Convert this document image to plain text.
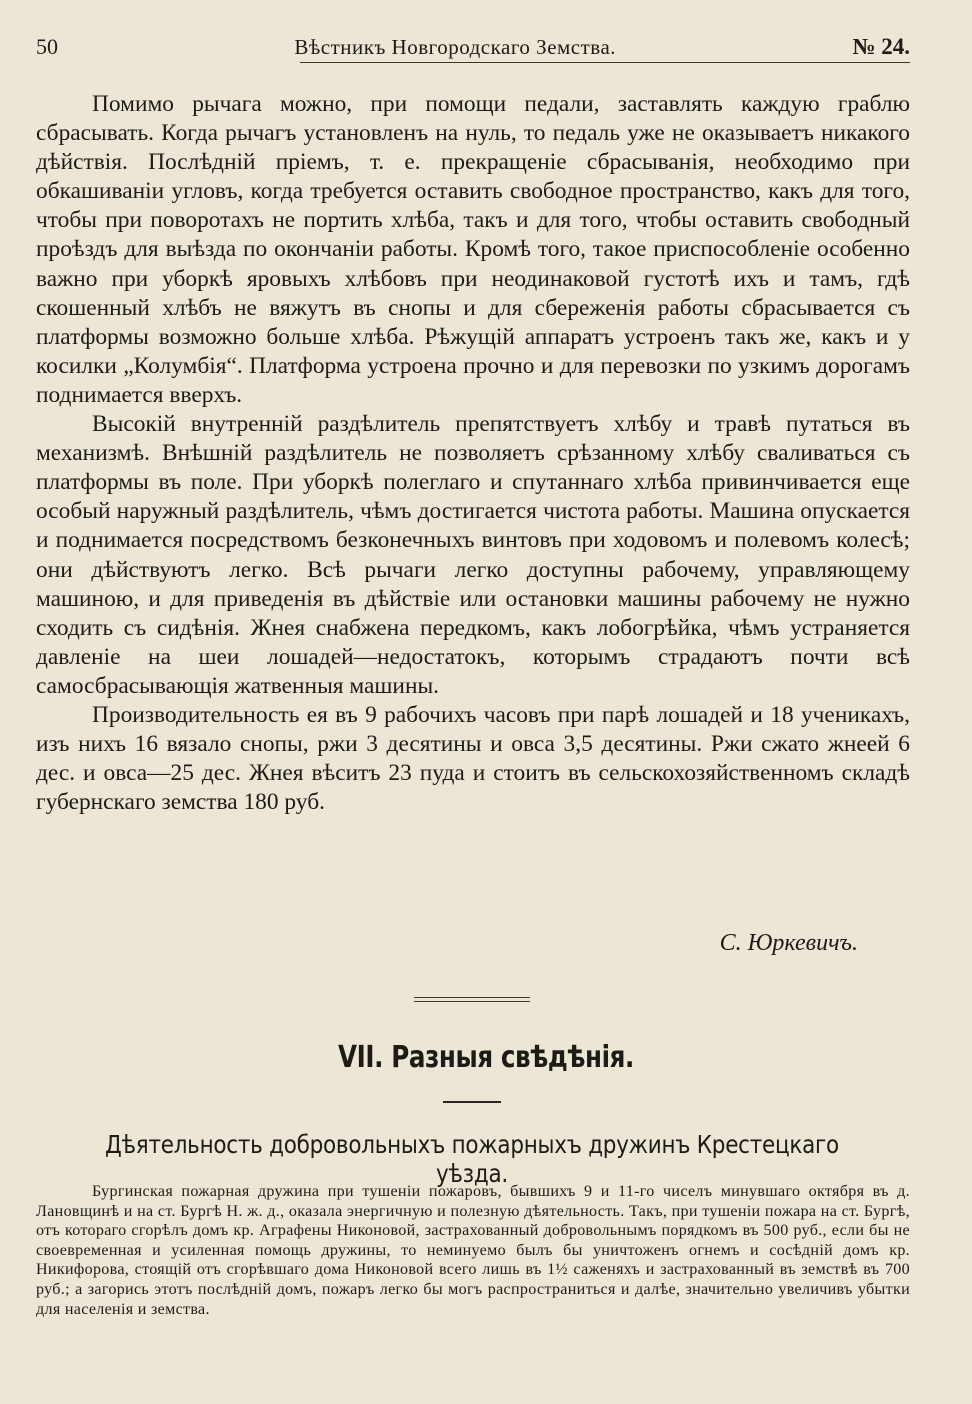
50	Вѣстникъ Новгородскаго Земства.	№ 24.

Помимо рычага можно, при помощи педали, заставлять каждую граблю сбрасывать. Когда рычагъ установленъ на нуль, то педаль уже не оказываетъ никакого дѣйствія. Послѣдній пріемъ, т. е. прекращеніе сбрасыванія, необходимо при обкашиваніи угловъ, когда требуется оставить свободное пространство, какъ для того, чтобы при поворотахъ не портить хлѣба, такъ и для того, чтобы оставить свободный проѣздъ для выѣзда по окончаніи работы. Кромѣ того, такое приспособленіе особенно важно при уборкѣ яровыхъ хлѣбовъ при неодинаковой густотѣ ихъ и тамъ, гдѣ скошенный хлѣбъ не вяжутъ въ снопы и для сбереженія работы сбрасывается съ платформы возможно больше хлѣба. Рѣжущій аппаратъ устроенъ такъ же, какъ и у косилки „Колумбія“. Платформа устроена прочно и для перевозки по узкимъ дорогамъ поднимается вверхъ.

Высокій внутренній раздѣлитель препятствуетъ хлѣбу и травѣ путаться въ механизмѣ. Внѣшній раздѣлитель не позволяетъ срѣзанному хлѣбу сваливаться съ платформы въ поле. При уборкѣ полеглаго и спутаннаго хлѣба привинчивается еще особый наружный раздѣлитель, чѣмъ достигается чистота работы. Машина опускается и поднимается посредствомъ безконечныхъ винтовъ при ходовомъ и полевомъ колесѣ; они дѣйствуютъ легко. Всѣ рычаги легко доступны рабочему, управляющему машиною, и для приведенія въ дѣйствіе или остановки машины рабочему не нужно сходить съ сидѣнія. Жнея снабжена передкомъ, какъ лобогрѣйка, чѣмъ устраняется давленіе на шеи лошадей—недостатокъ, которымъ страдаютъ почти всѣ самосбрасывающія жатвенныя машины.

Производительность ея въ 9 рабочихъ часовъ при парѣ лошадей и 18 ученикахъ, изъ нихъ 16 вязало снопы, ржи 3 десятины и овса 3,5 десятины. Ржи сжато жнеей 6 дес. и овса—25 дес. Жнея вѣситъ 23 пуда и стоитъ въ сельскохозяйственномъ складѣ губернскаго земства 180 руб.

С. Юркевичъ.
VII. Разныя свѣдѣнія.
Дѣятельность добровольныхъ пожарныхъ дружинъ Крестецкаго уѣзда.

Бургинская пожарная дружина при тушеніи пожаровъ, бывшихъ 9 и 11-го чиселъ минувшаго октября въ д. Лановщинѣ и на ст. Бургѣ Н. ж. д., оказала энергичную и полезную дѣятельность. Такъ, при тушеніи пожара на ст. Бургѣ, отъ котораго сгорѣлъ домъ кр. Аграфены Никоновой, застрахованный добровольнымъ порядкомъ въ 500 руб., если бы не своевременная и усиленная помощь дружины, то неминуемо былъ бы уничтоженъ огнемъ и сосѣдній домъ кр. Никифорова, стоящій отъ сгорѣвшаго дома Никоновой всего лишь въ 1½ саженяхъ и застрахованный въ земствѣ въ 700 руб.; а загорись этотъ послѣдній домъ, пожаръ легко бы могъ распространиться и далѣе, значительно увеличивъ убытки для населенія и земства.
